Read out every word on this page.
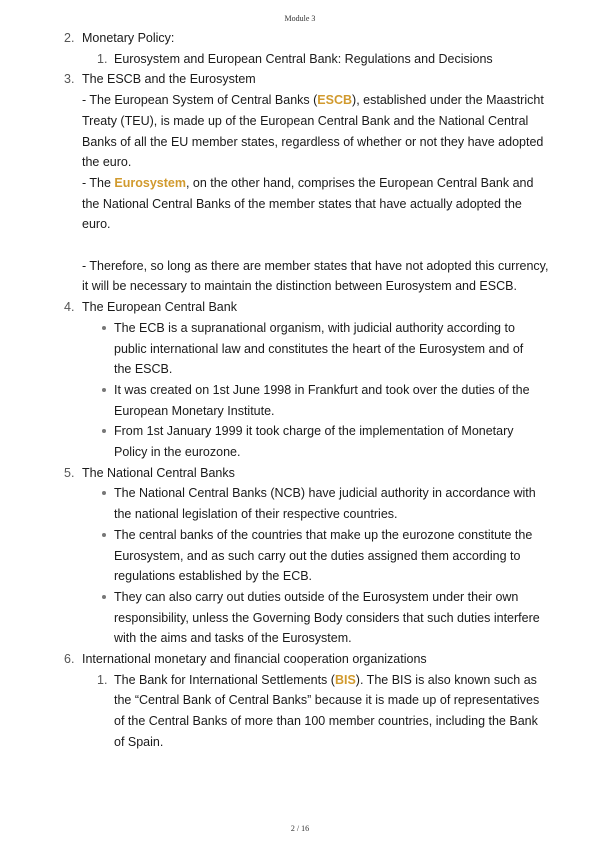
Module 3
2. Monetary Policy:
1. Eurosystem and European Central Bank: Regulations and Decisions
3. The ESCB and the Eurosystem
- The European System of Central Banks (ESCB), established under the Maastricht Treaty (TEU), is made up of the European Central Bank and the National Central Banks of all the EU member states, regardless of whether or not they have adopted the euro.
- The Eurosystem, on the other hand, comprises the European Central Bank and the National Central Banks of the member states that have actually adopted the euro.
- Therefore, so long as there are member states that have not adopted this currency, it will be necessary to maintain the distinction between Eurosystem and ESCB.
4. The European Central Bank
The ECB is a supranational organism, with judicial authority according to public international law and constitutes the heart of the Eurosystem and of the ESCB.
It was created on 1st June 1998 in Frankfurt and took over the duties of the European Monetary Institute.
From 1st January 1999 it took charge of the implementation of Monetary Policy in the eurozone.
5. The National Central Banks
The National Central Banks (NCB) have judicial authority in accordance with the national legislation of their respective countries.
The central banks of the countries that make up the eurozone constitute the Eurosystem, and as such carry out the duties assigned them according to regulations established by the ECB.
They can also carry out duties outside of the Eurosystem under their own responsibility, unless the Governing Body considers that such duties interfere with the aims and tasks of the Eurosystem.
6. International monetary and financial cooperation organizations
1. The Bank for International Settlements (BIS). The BIS is also known such as the “Central Bank of Central Banks” because it is made up of representatives of the Central Banks of more than 100 member countries, including the Bank of Spain.
2 / 16
